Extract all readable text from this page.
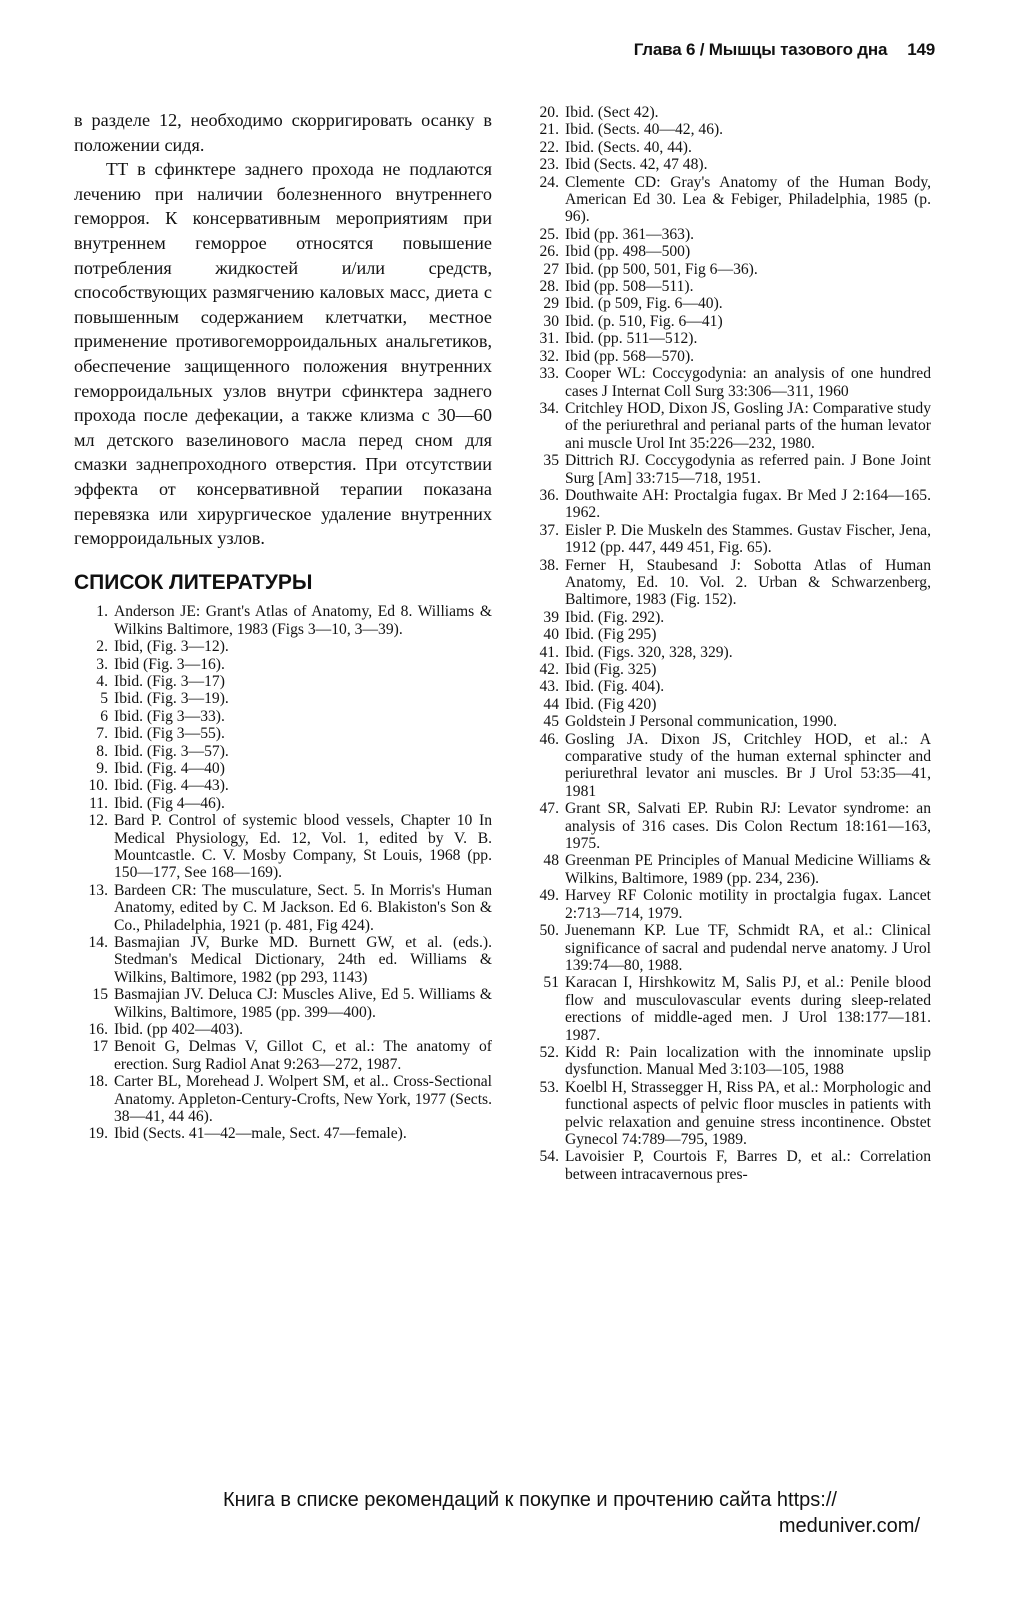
Глава 6 / Мышцы тазового дна 149

в разделе 12, необходимо скорригировать осанку в положении сидя.

ТТ в сфинктере заднего прохода не подлаются лечению при наличии болезненного внутреннего геморроя. К консервативным мероприятиям при внутреннем геморрое относятся повышение потребления жидкостей и/или средств, способствующих размягчению каловых масс, диета с повышенным содержанием клетчатки, местное применение противогеморроидальных анальгетиков, обеспечение защищенного положения внутренних геморроидальных узлов внутри сфинктера заднего прохода после дефекации, а также клизма с 30—60 мл детского вазелинового масла перед сном для смазки заднепроходного отверстия. При отсутствии эффекта от консервативной терапии показана перевязка или хирургическое удаление внутренних геморроидальных узлов.

СПИСОК ЛИТЕРАТУРЫ
1. Anderson JE: Grant's Atlas of Anatomy, Ed 8. Williams & Wilkins Baltimore, 1983 (Figs 3—10, 3—39).
2. Ibid, (Fig. 3—12).
3. Ibid (Fig. 3—16).
4. Ibid. (Fig. 3—17)
5 Ibid. (Fig. 3—19).
6 Ibid. (Fig 3—33).
7. Ibid. (Fig 3—55).
8. Ibid. (Fig. 3—57).
9. Ibid. (Fig. 4—40)
10. Ibid. (Fig. 4—43).
11. Ibid. (Fig 4—46).
12. Bard P. Control of systemic blood vessels, Chapter 10 In Medical Physiology, Ed. 12, Vol. 1, edited by V. B. Mountcastle. C. V. Mosby Company, St Louis, 1968 (pp. 150—177, See 168—169).
13. Bardeen CR: The musculature, Sect. 5. In Morris's Human Anatomy, edited by C. M Jackson. Ed 6. Blakiston's Son & Co., Philadelphia, 1921 (p. 481, Fig 424).
14. Basmajian JV, Burke MD. Burnett GW, et al. (eds.). Stedman's Medical Dictionary, 24th ed. Williams & Wilkins, Baltimore, 1982 (pp 293, 1143)
15 Basmajian JV. Deluca CJ: Muscles Alive, Ed 5. Williams & Wilkins, Baltimore, 1985 (pp. 399—400).
16. Ibid. (pp 402—403).
17 Benoit G, Delmas V, Gillot C, et al.: The anatomy of erection. Surg Radiol Anat 9:263—272, 1987.
18. Carter BL, Morehead J. Wolpert SM, et al.. Cross-Sectional Anatomy. Appleton-Century-Crofts, New York, 1977 (Sects. 38—41, 44 46).
19. Ibid (Sects. 41—42—male, Sect. 47—female).
20. Ibid. (Sect 42).
21. Ibid. (Sects. 40—42, 46).
22. Ibid. (Sects. 40, 44).
23. Ibid (Sects. 42, 47 48).
24. Clemente CD: Gray's Anatomy of the Human Body, American Ed 30. Lea & Febiger, Philadelphia, 1985 (p. 96).
25. Ibid (pp. 361—363).
26. Ibid (pp. 498—500)
27 Ibid. (pp 500, 501, Fig 6—36).
28. Ibid (pp. 508—511).
29 Ibid. (p 509, Fig. 6—40).
30 Ibid. (p. 510, Fig. 6—41)
31. Ibid. (pp. 511—512).
32. Ibid (pp. 568—570).
33. Cooper WL: Coccygodynia: an analysis of one hundred cases J Internat Coll Surg 33:306—311, 1960
34. Critchley HOD, Dixon JS, Gosling JA: Comparative study of the periurethral and perianal parts of the human levator ani muscle Urol Int 35:226—232, 1980.
35 Dittrich RJ. Coccygodynia as referred pain. J Bone Joint Surg [Am] 33:715—718, 1951.
36. Douthwaite AH: Proctalgia fugax. Br Med J 2:164—165. 1962.
37. Eisler P. Die Muskeln des Stammes. Gustav Fischer, Jena, 1912 (pp. 447, 449 451, Fig. 65).
38. Ferner H, Staubesand J: Sobotta Atlas of Human Anatomy, Ed. 10. Vol. 2. Urban & Schwarzenberg, Baltimore, 1983 (Fig. 152).
39 Ibid. (Fig. 292).
40 Ibid. (Fig 295)
41. Ibid. (Figs. 320, 328, 329).
42. Ibid (Fig. 325)
43. Ibid. (Fig. 404).
44 Ibid. (Fig 420)
45 Goldstein J Personal communication, 1990.
46. Gosling JA. Dixon JS, Critchley HOD, et al.: A comparative study of the human external sphincter and periurethral levator ani muscles. Br J Urol 53:35—41, 1981
47. Grant SR, Salvati EP. Rubin RJ: Levator syndrome: an analysis of 316 cases. Dis Colon Rectum 18:161—163, 1975.
48 Greenman PE Principles of Manual Medicine Williams & Wilkins, Baltimore, 1989 (pp. 234, 236).
49. Harvey RF Colonic motility in proctalgia fugax. Lancet 2:713—714, 1979.
50. Juenemann KP. Lue TF, Schmidt RA, et al.: Clinical significance of sacral and pudendal nerve anatomy. J Urol 139:74—80, 1988.
51 Karacan I, Hirshkowitz M, Salis PJ, et al.: Penile blood flow and musculovascular events during sleep-related erections of middle-aged men. J Urol 138:177—181. 1987.
52. Kidd R: Pain localization with the innominate upslip dysfunction. Manual Med 3:103—105, 1988
53. Koelbl H, Strassegger H, Riss PA, et al.: Morphologic and functional aspects of pelvic floor muscles in patients with pelvic relaxation and genuine stress incontinence. Obstet Gynecol 74:789—795, 1989.
54. Lavoisier P, Courtois F, Barres D, et al.: Correlation between intracavernous pres-
Книга в списке рекомендаций к покупке и прочтению сайта https://
meduniver.com/
